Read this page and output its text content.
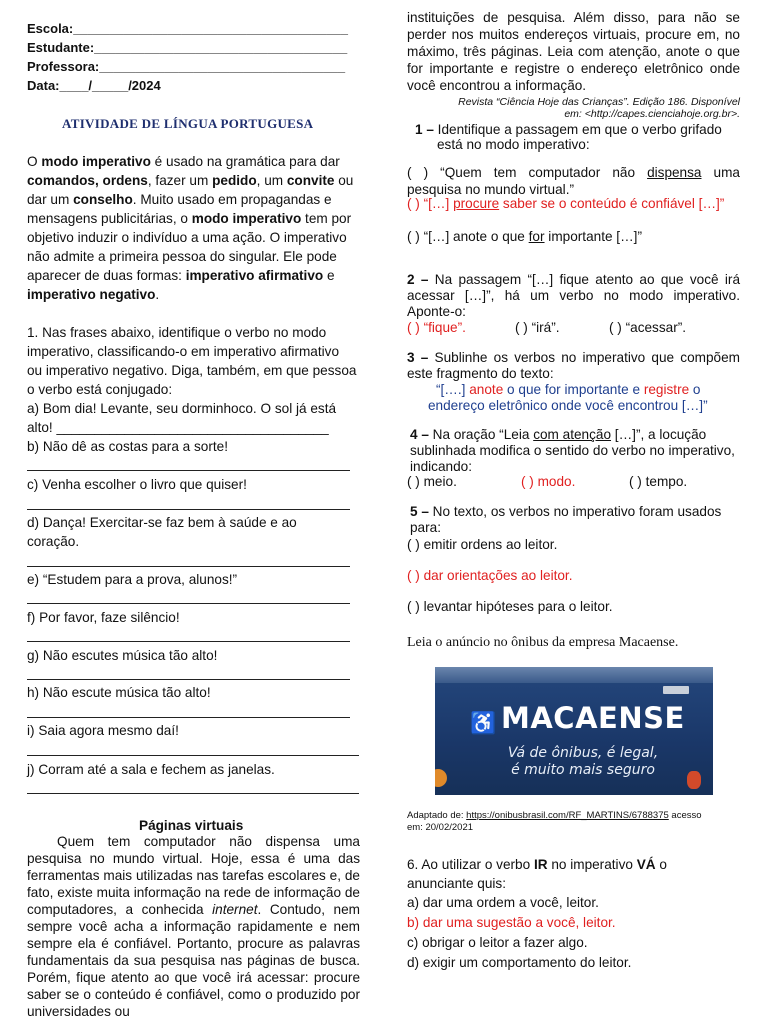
Escola:______________________________________
Estudante:___________________________________
Professora:__________________________________
Data:____/_____/2024
ATIVIDADE DE LÍNGUA PORTUGUESA
O modo imperativo é usado na gramática para dar comandos, ordens, fazer um pedido, um convite ou dar um conselho. Muito usado em propagandas e mensagens publicitárias, o modo imperativo tem por objetivo induzir o indivíduo a uma ação. O imperativo não admite a primeira pessoa do singular. Ele pode aparecer de duas formas: imperativo afirmativo e imperativo negativo.
1. Nas frases abaixo, identifique o verbo no modo imperativo, classificando-o em imperativo afirmativo ou imperativo negativo. Diga, também, em que pessoa o verbo está conjugado:
a) Bom dia! Levante, seu dorminhoco. O sol já está
alto! ____________________________________
b) Não dê as costas para a sorte!
c) Venha escolher o livro que quiser!
d) Dança! Exercitar-se faz bem à saúde e ao
coração.
e) “Estudem para a prova, alunos!”
f) Por favor, faze silêncio!
g) Não escutes música tão alto!
h) Não escute música tão alto!
i) Saia agora mesmo daí!
j) Corram até a sala e fechem as janelas.
Páginas virtuais
Quem tem computador não dispensa uma pesquisa no mundo virtual. Hoje, essa é uma das ferramentas mais utilizadas nas tarefas escolares e, de fato, existe muita informação na rede de informação de computadores, a conhecida internet. Contudo, nem sempre você acha a informação rapidamente e nem sempre ela é confiável. Portanto, procure as palavras fundamentais da sua pesquisa nas páginas de busca. Porém, fique atento ao que você irá acessar: procure saber se o conteúdo é confiável, como o produzido por universidades ou
instituições de pesquisa. Além disso, para não se perder nos muitos endereços virtuais, procure em, no máximo, três páginas. Leia com atenção, anote o que for importante e registre o endereço eletrônico onde você encontrou a informação.
Revista “Ciência Hoje das Crianças”. Edição 186. Disponível
em: <http://capes.cienciahoje.org.br>.
1 – Identifique a passagem em que o verbo grifado
está no modo imperativo:
( ) “Quem tem computador não dispensa uma pesquisa no mundo virtual.”
( ) “[…] procure saber se o conteúdo é confiável […]”
( ) “[…] anote o que for importante […]”
2 – Na passagem “[…] fique atento ao que você irá acessar […]”, há um verbo no modo imperativo. Aponte-o:
( ) “fique”.	( ) “irá”.	( ) “acessar”.
3 – Sublinhe os verbos no imperativo que compõem este fragmento do texto:
“[….] anote o que for importante e registre o
endereço eletrônico onde você encontrou […]”
4 – Na oração “Leia com atenção […]”, a locução sublinhada modifica o sentido do verbo no imperativo, indicando:
( ) meio.	( ) modo.	( ) tempo.
5 – No texto, os verbos no imperativo foram usados para:
( ) emitir ordens ao leitor.
( ) dar orientações ao leitor.
( ) levantar hipóteses para o leitor.
Leia o anúncio no ônibus da empresa Macaense.
♿ MACAENSE
Vá de ônibus, é legal,
é muito mais seguro
Adaptado de: https://onibusbrasil.com/RF_MARTINS/6788375 acesso
em: 20/02/2021
6. Ao utilizar o verbo IR no imperativo VÁ o
anunciante quis:
a) dar uma ordem a você, leitor.
b) dar uma sugestão a você, leitor.
c) obrigar o leitor a fazer algo.
d) exigir um comportamento do leitor.
